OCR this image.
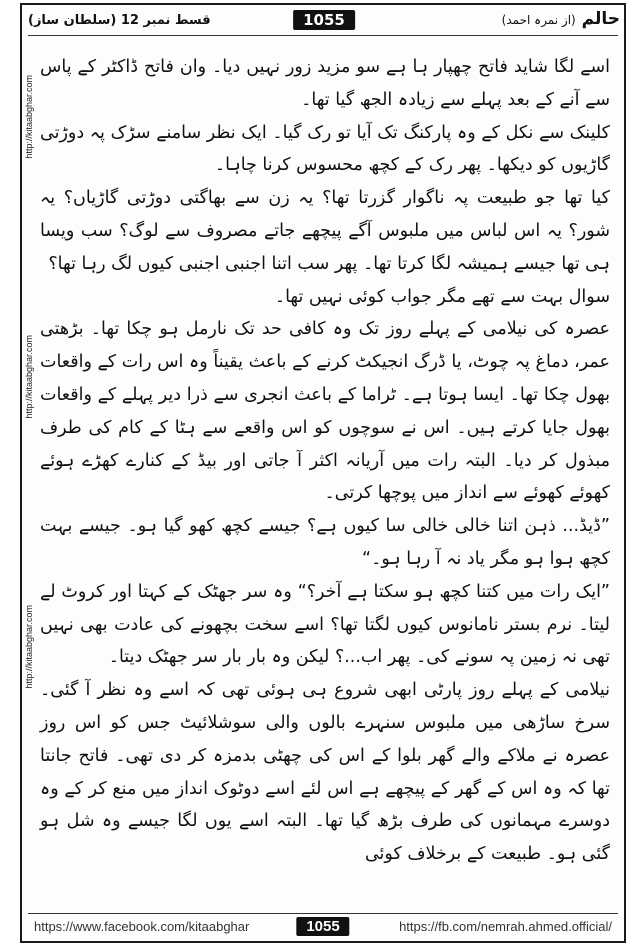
حالم (از نمرہ احمد)
1055
قسط نمبر 12 (سلطان ساز)
http://kitaabghar.com
http://kitaabghar.com
http://kitaabghar.com

اسے لگا شاید فاتح چھپار ہا ہے سو مزید زور نہیں دیا۔ وان فاتح ڈاکٹر کے پاس سے آنے کے بعد پہلے سے زیادہ الجھ گیا تھا۔

کلینک سے نکل کے وہ پارکنگ تک آیا تو رک گیا۔ ایک نظر سامنے سڑک پہ دوڑتی گاڑیوں کو دیکھا۔ پھر رک کے کچھ محسوس کرنا چاہا۔

کیا تھا جو طبیعت پہ ناگوار گزرتا تھا؟ یہ زن سے بھاگتی دوڑتی گاڑیاں؟ یہ شور؟ یہ اس لباس میں ملبوس آگے پیچھے جاتے مصروف سے لوگ؟ سب ویسا ہی تھا جیسے ہمیشہ لگا کرتا تھا۔ پھر سب اتنا اجنبی اجنبی کیوں لگ رہا تھا؟

سوال بہت سے تھے مگر جواب کوئی نہیں تھا۔

عصرہ کی نیلامی کے پہلے روز تک وہ کافی حد تک نارمل ہو چکا تھا۔ بڑھتی عمر، دماغ پہ چوٹ، یا ڈرگ انجیکٹ کرنے کے باعث یقیناً وہ اس رات کے واقعات بھول چکا تھا۔ ایسا ہوتا ہے۔ ٹراما کے باعث انجری سے ذرا دیر پہلے کے واقعات بھول جایا کرتے ہیں۔ اس نے سوچوں کو اس واقعے سے ہٹا کے کام کی طرف مبذول کر دیا۔ البتہ رات میں آریانہ اکثر آ جاتی اور بیڈ کے کنارے کھڑے ہوئے کھوئے کھوئے سے انداز میں پوچھا کرتی۔

”ڈیڈ... ذہن اتنا خالی خالی سا کیوں ہے؟ جیسے کچھ کھو گیا ہو۔ جیسے بہت کچھ ہوا ہو مگر یاد نہ آ رہا ہو۔“

”ایک رات میں کتنا کچھ ہو سکتا ہے آخر؟“ وہ سر جھٹک کے کہتا اور کروٹ لے لیتا۔ نرم بستر نامانوس کیوں لگتا تھا؟ اسے سخت بچھونے کی عادت بھی نہیں تھی نہ زمین پہ سونے کی۔ پھر اب...؟ لیکن وہ بار بار سر جھٹک دیتا۔

نیلامی کے پہلے روز پارٹی ابھی شروع ہی ہوئی تھی کہ اسے وہ نظر آ گئی۔ سرخ ساڑھی میں ملبوس سنہرے بالوں والی سوشلائیٹ جس کو اس روز عصرہ نے ملاکے والے گھر بلوا کے اس کی چھٹی بدمزہ کر دی تھی۔ فاتح جانتا تھا کہ وہ اس کے گھر کے پیچھے ہے اس لئے اسے دوٹوک انداز میں منع کر کے وہ دوسرے مہمانوں کی طرف بڑھ گیا تھا۔ البتہ اسے یوں لگا جیسے وہ شل ہو گئی ہو۔ طبیعت کے برخلاف کوئی

https://www.facebook.com/kitaabghar	1055	https://fb.com/nemrah.ahmed.official/
